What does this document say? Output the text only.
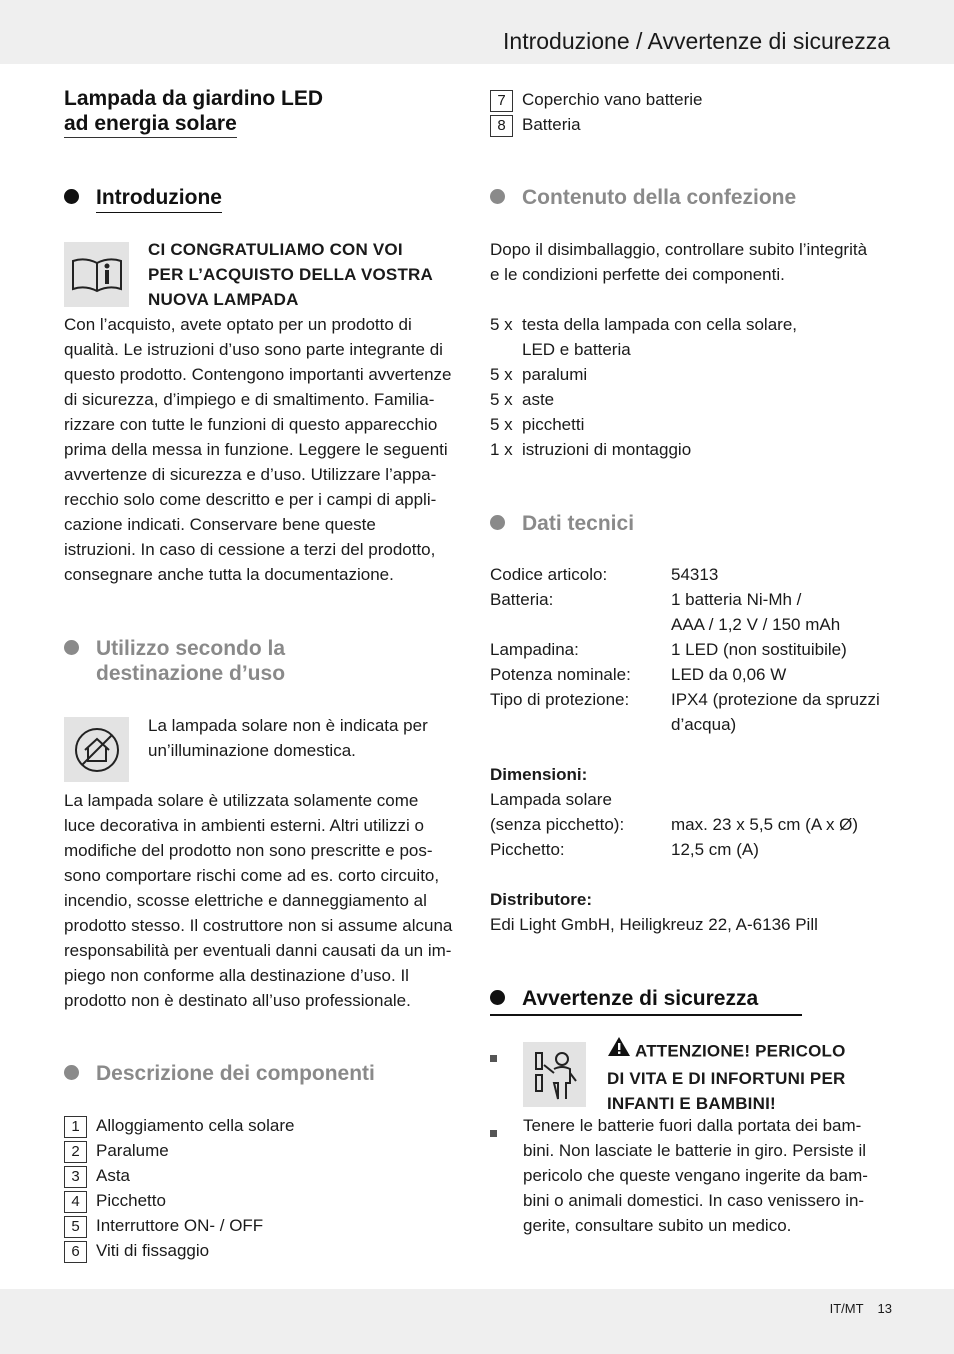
Introduzione / Avvertenze di sicurezza
Lampada da giardino LED
ad energia solare
Introduzione
CI CONGRATULIAMO CON VOI
PER L’ACQUISTO DELLA VOSTRA
NUOVA LAMPADA
Con l’acquisto, avete optato per un prodotto di
qualità. Le istruzioni d’uso sono parte integrante di
questo prodotto. Contengono importanti avvertenze
di sicurezza, d’impiego e di smaltimento. Familia-
rizzare con tutte le funzioni di questo apparecchio
prima della messa in funzione. Leggere le seguenti
avvertenze di sicurezza e d’uso. Utilizzare l’appa-
recchio solo come descritto e per i campi di appli-
cazione indicati. Conservare bene queste
istruzioni. In caso di cessione a terzi del prodotto,
consegnare anche tutta la documentazione.
Utilizzo secondo la
destinazione d’uso
La lampada solare non è indicata per
un’illuminazione domestica.
La lampada solare è utilizzata solamente come
luce decorativa in ambienti esterni. Altri utilizzi o
modifiche del prodotto non sono prescritte e pos-
sono comportare rischi come ad es. corto circuito,
incendio, scosse elettriche e danneggiamento al
prodotto stesso. Il costruttore non si assume alcuna
responsabilità per eventuali danni causati da un im-
piego non conforme alla destinazione d’uso. Il
prodotto non è destinato all’uso professionale.
Descrizione dei componenti
1 Alloggiamento cella solare
2 Paralume
3 Asta
4 Picchetto
5 Interruttore ON- / OFF
6 Viti di fissaggio
7 Coperchio vano batterie
8 Batteria
Contenuto della confezione
Dopo il disimballaggio, controllare subito l’integrità
e le condizioni perfette dei componenti.
5 x testa della lampada con cella solare,
LED e batteria
5 x paralumi
5 x aste
5 x picchetti
1 x istruzioni di montaggio
Dati tecnici
Codice articolo:	54313
Batteria:	1 batteria Ni-Mh /
AAA / 1,2 V / 150 mAh
Lampadina:	1 LED (non sostituibile)
Potenza nominale: LED da 0,06 W
Tipo di protezione: IPX4 (protezione da spruzzi
d’acqua)
Dimensioni:
Lampada solare
(senza picchetto):	max. 23 x 5,5 cm (A x Ø)
Picchetto:	12,5 cm (A)
Distributore:
Edi Light GmbH, Heiligkreuz 22, A-6136 Pill
Avvertenze di sicurezza
ATTENZIONE! PERICOLO
DI VITA E DI INFORTUNI PER
INFANTI E BAMBINI!
Tenere le batterie fuori dalla portata dei bam-
bini. Non lasciate le batterie in giro. Persiste il
pericolo che queste vengano ingerite da bam-
bini o animali domestici. In caso venissero in-
gerite, consultare subito un medico.
IT/MT 13
